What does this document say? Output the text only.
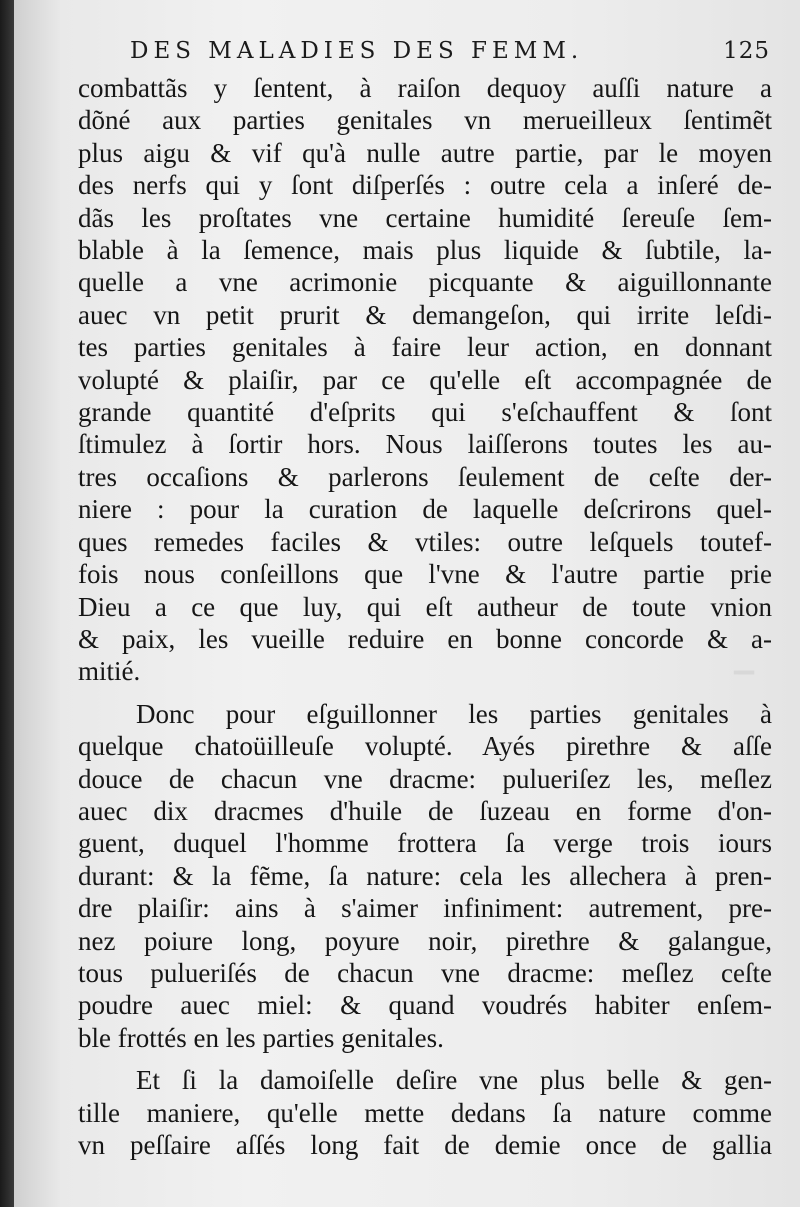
▔
DES MALADIES DES FEMM.	125
combattãs y ſentent, à raiſon dequoy auſſi nature a
dõné aux parties genitales vn merueilleux ſentimẽt
plus aigu & vif qu'à nulle autre partie, par le moyen
des nerfs qui y ſont diſperſés : outre cela a inſeré de-
dãs les proſtates vne certaine humidité ſereuſe ſem-
blable à la ſemence, mais plus liquide & ſubtile, la-
quelle a vne acrimonie picquante & aiguillonnante
auec vn petit prurit & demangeſon, qui irrite leſdi-
tes parties genitales à faire leur action, en donnant
volupté & plaiſir, par ce qu'elle eſt accompagnée de
grande quantité d'eſprits qui s'eſchauffent & ſont
ſtimulez à ſortir hors. Nous laiſſerons toutes les au-
tres occaſions & parlerons ſeulement de ceſte der-
niere : pour la curation de laquelle deſcrirons quel-
ques remedes faciles & vtiles: outre leſquels toutef-
fois nous conſeillons que l'vne & l'autre partie prie
Dieu a ce que luy, qui eſt autheur de toute vnion
& paix, les vueille reduire en bonne concorde & a-
mitié.
Donc pour eſguillonner les parties genitales à
quelque chatoüilleuſe volupté. Ayés pirethre & aſſe
douce de chacun vne dracme: pulueriſez les, meſlez
auec dix dracmes d'huile de ſuzeau en forme d'on-
guent, duquel l'homme frottera ſa verge trois iours
durant: & la fẽme, ſa nature: cela les allechera à pren-
dre plaiſir: ains à s'aimer infiniment: autrement, pre-
nez poiure long, poyure noir, pirethre & galangue,
tous pulueriſés de chacun vne dracme: meſlez ceſte
poudre auec miel: & quand voudrés habiter enſem-
ble frottés en les parties genitales.
Et ſi la damoiſelle deſire vne plus belle & gen-
tille maniere, qu'elle mette dedans ſa nature comme
vn peſſaire aſſés long fait de demie once de gallia
